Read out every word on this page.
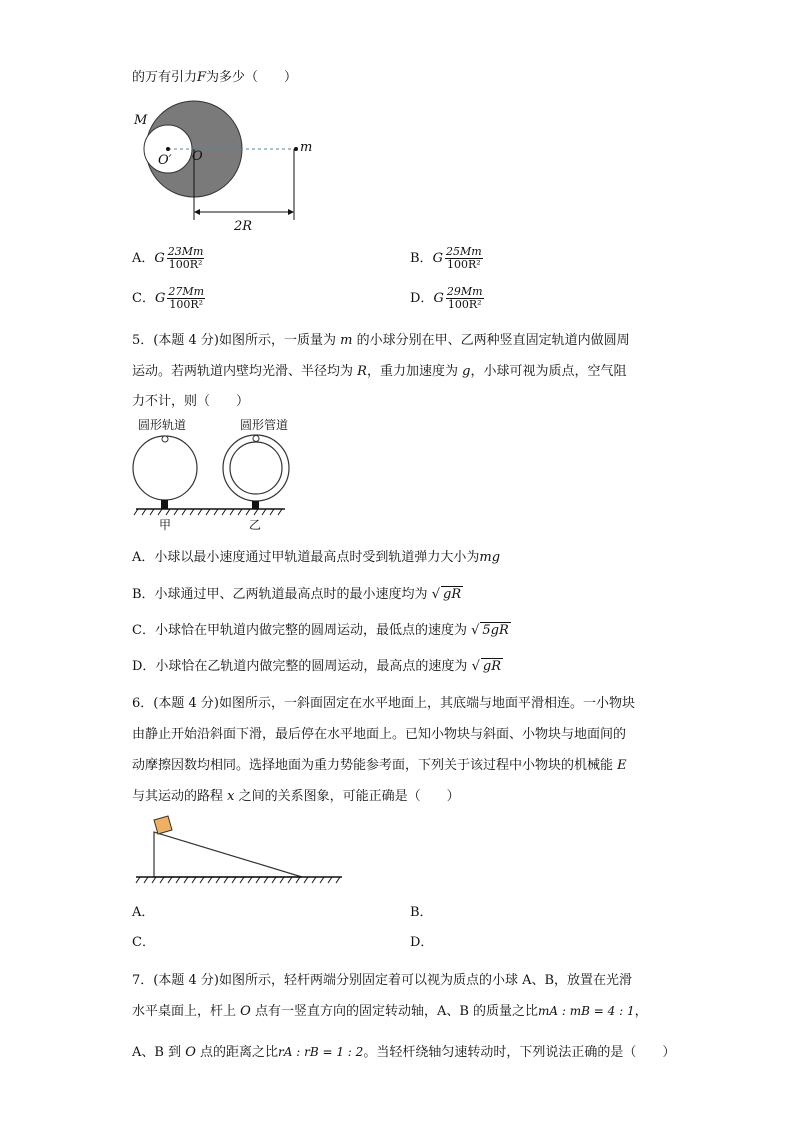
的万有引力F为多少（　　）
M
O′ O
m
2R
A．G $\frac{23Mm}{\text{100R²}}$	B．G $\frac{25Mm}{\text{100R²}}$
C．G $\frac{27Mm}{\text{100R²}}$	D．G $\frac{29Mm}{\text{100R²}}$
5．(本题 4 分)如图所示，一质量为 m 的小球分别在甲、乙两种竖直固定轨道内做圆周
运动。若两轨道内壁均光滑、半径均为 R，重力加速度为 g，小球可视为质点，空气阻
力不计，则（　　）
圆形轨道	圆形管道
甲	乙
A．小球以最小速度通过甲轨道最高点时受到轨道弹力大小为mg
B．小球通过甲、乙两轨道最高点时的最小速度均为 √ gR
C．小球恰在甲轨道内做完整的圆周运动，最低点的速度为 √ 5gR
D．小球恰在乙轨道内做完整的圆周运动，最高点的速度为 √ gR
6．(本题 4 分)如图所示，一斜面固定在水平地面上，其底端与地面平滑相连。一小物块
由静止开始沿斜面下滑，最后停在水平地面上。已知小物块与斜面、小物块与地面间的
动摩擦因数均相同。选择地面为重力势能参考面，下列关于该过程中小物块的机械能 E
与其运动的路程 x 之间的关系图象，可能正确是（　　）
A．	B．
C．	D．
7．(本题 4 分)如图所示，轻杆两端分别固定着可以视为质点的小球 A、B，放置在光滑
水平桌面上，杆上 O 点有一竖直方向的固定转动轴，A、B 的质量之比mA : mB = 4 : 1，
A、B 到 O 点的距离之比rA : rB = 1 : 2。当轻杆绕轴匀速转动时，下列说法正确的是（　　）
